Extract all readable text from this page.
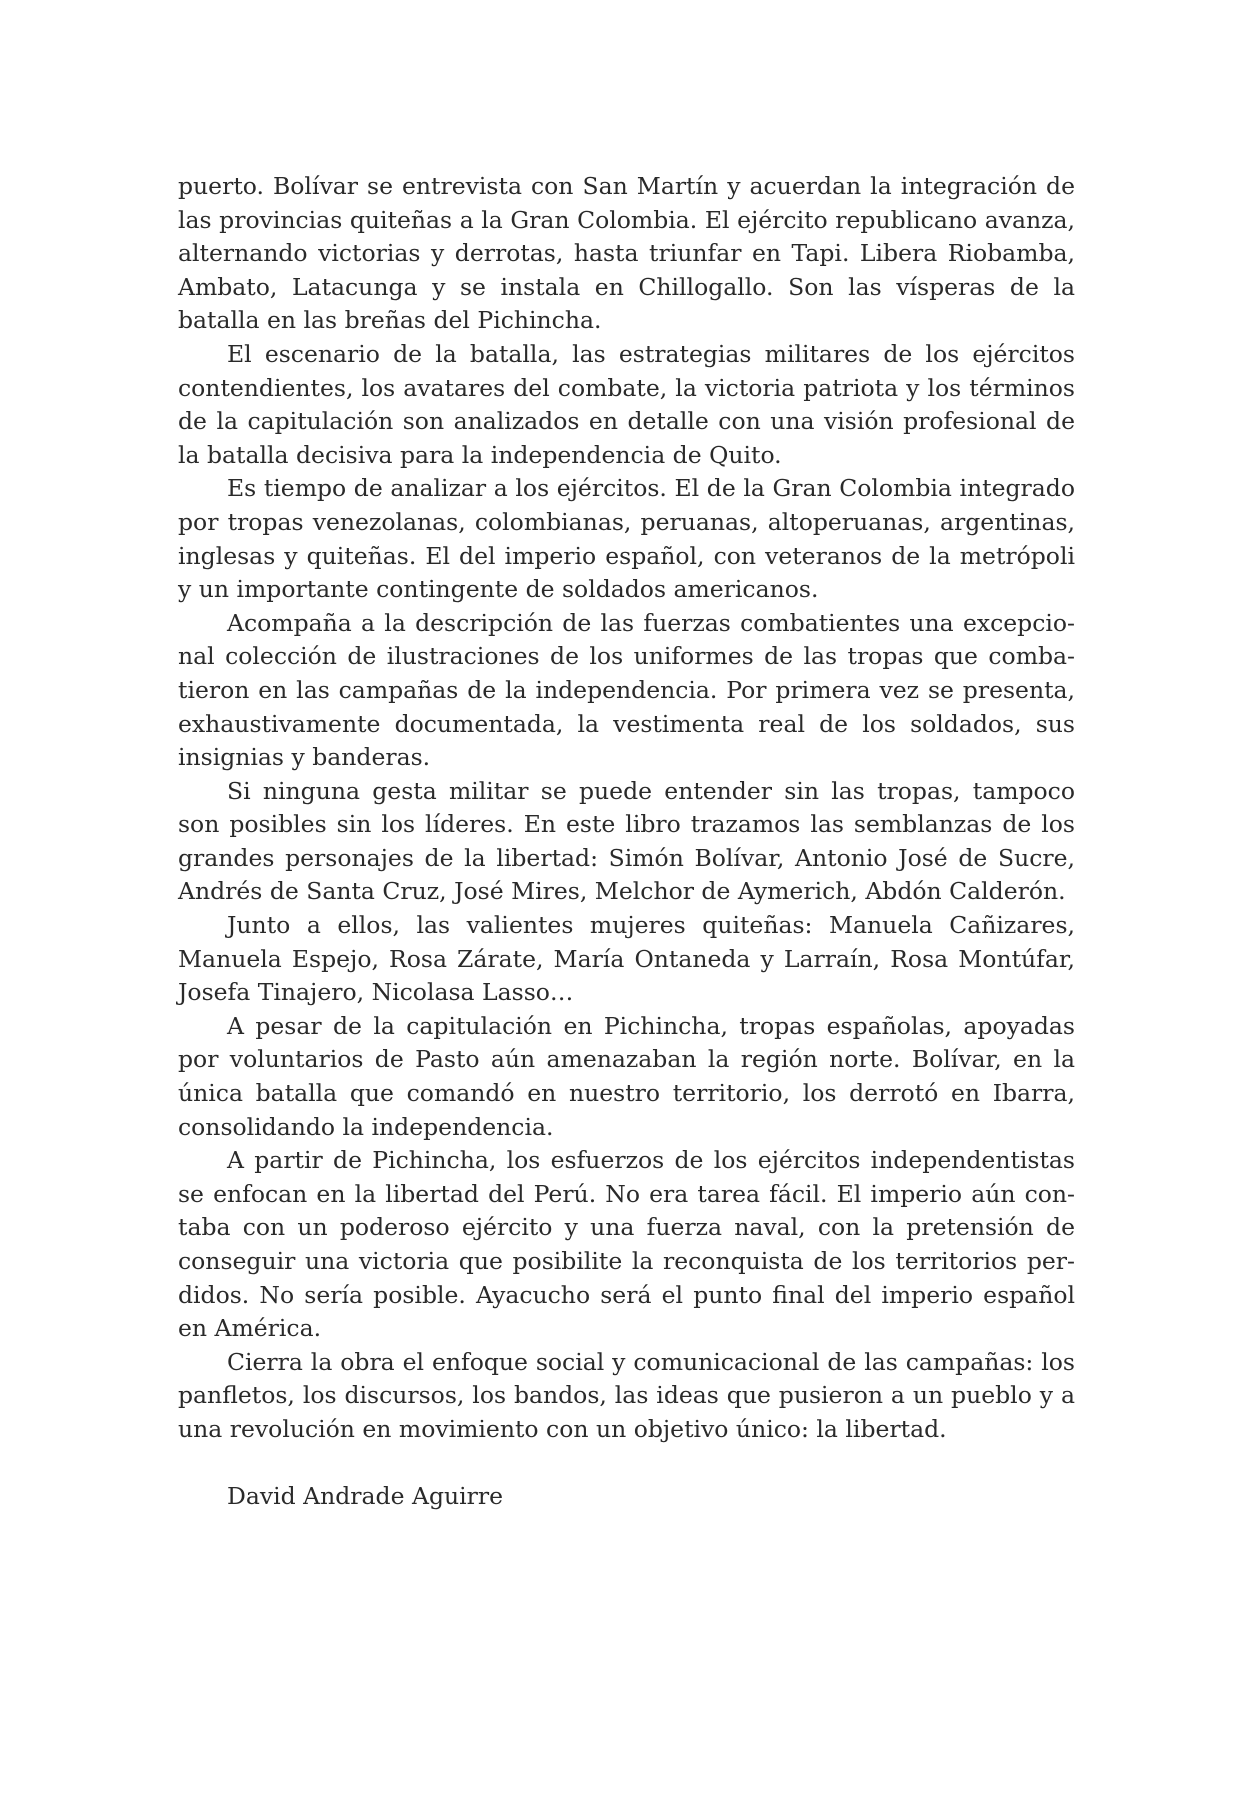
puerto. Bolívar se entrevista con San Martín y acuerdan la integración de las provincias quiteñas a la Gran Colombia. El ejército republicano avanza, alternando victorias y derrotas, hasta triunfar en Tapi. Libera Riobamba, Ambato, Latacunga y se instala en Chillogallo. Son las vísperas de la batalla en las breñas del Pichincha.

El escenario de la batalla, las estrategias militares de los ejércitos contendientes, los avatares del combate, la victoria patriota y los términos de la capitulación son analizados en detalle con una visión profesional de la batalla decisiva para la independencia de Quito.

Es tiempo de analizar a los ejércitos. El de la Gran Colombia integrado por tropas venezolanas, colombianas, peruanas, altoperuanas, argentinas, inglesas y quiteñas. El del imperio español, con veteranos de la metrópoli y un importante contingente de soldados americanos.

Acompaña a la descripción de las fuerzas combatientes una excepcional colección de ilustraciones de los uniformes de las tropas que combatieron en las campañas de la independencia. Por primera vez se presenta, exhaustivamente documentada, la vestimenta real de los soldados, sus insignias y banderas.

Si ninguna gesta militar se puede entender sin las tropas, tampoco son posibles sin los líderes. En este libro trazamos las semblanzas de los grandes personajes de la libertad: Simón Bolívar, Antonio José de Sucre, Andrés de Santa Cruz, José Mires, Melchor de Aymerich, Abdón Calderón.

Junto a ellos, las valientes mujeres quiteñas: Manuela Cañizares, Manuela Espejo, Rosa Zárate, María Ontaneda y Larraín, Rosa Montúfar, Josefa Tinajero, Nicolasa Lasso…

A pesar de la capitulación en Pichincha, tropas españolas, apoyadas por voluntarios de Pasto aún amenazaban la región norte. Bolívar, en la única batalla que comandó en nuestro territorio, los derrotó en Ibarra, consolidando la independencia.

A partir de Pichincha, los esfuerzos de los ejércitos independentistas se enfocan en la libertad del Perú. No era tarea fácil. El imperio aún contaba con un poderoso ejército y una fuerza naval, con la pretensión de conseguir una victoria que posibilite la reconquista de los territorios perdidos. No sería posible. Ayacucho será el punto final del imperio español en América.

Cierra la obra el enfoque social y comunicacional de las campañas: los panfletos, los discursos, los bandos, las ideas que pusieron a un pueblo y a una revolución en movimiento con un objetivo único: la libertad.

David Andrade Aguirre
